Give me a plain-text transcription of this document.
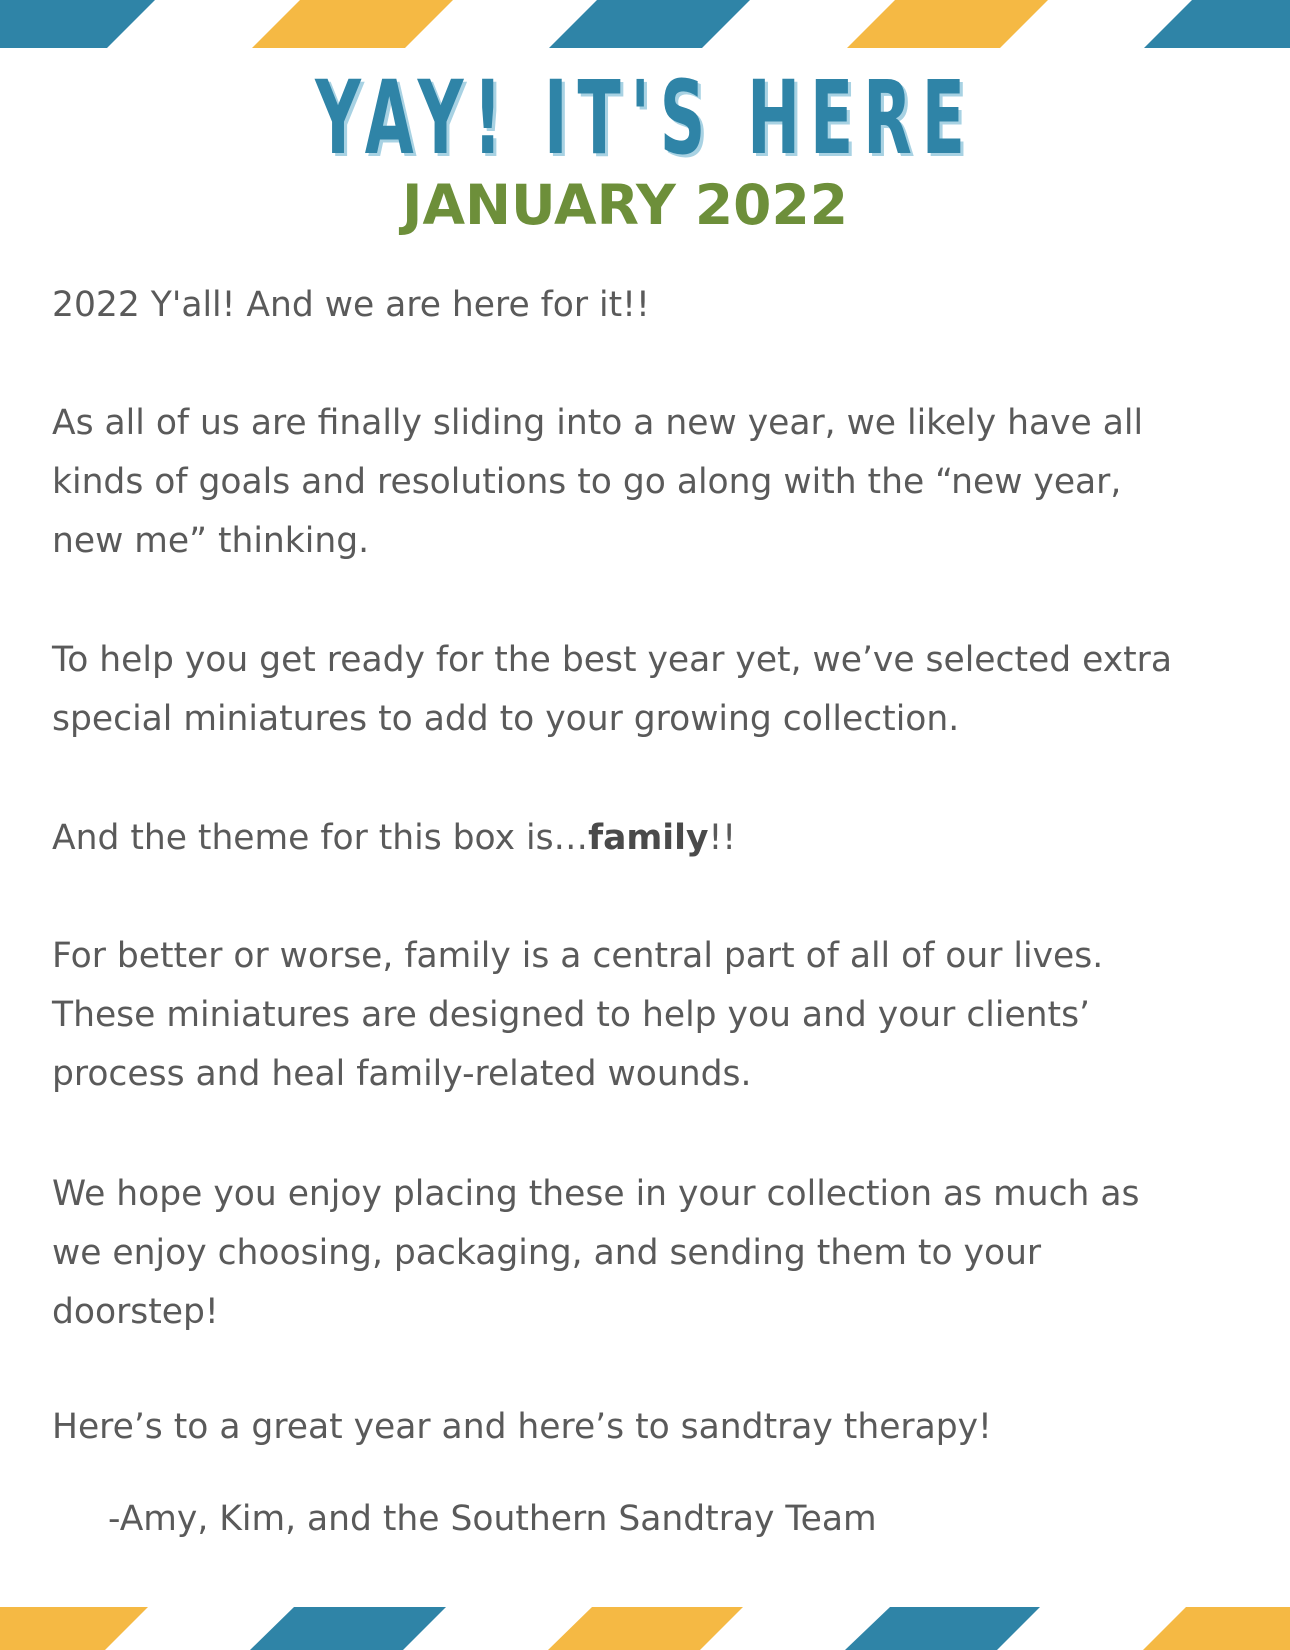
YAY! IT'S HERE
JANUARY 2022
2022 Y'all! And we are here for it!!
As all of us are finally sliding into a new year, we likely have all
kinds of goals and resolutions to go along with the “new year,
new me” thinking.
To help you get ready for the best year yet, we’ve selected extra
special miniatures to add to your growing collection.
And the theme for this box is…family!!
For better or worse, family is a central part of all of our lives.
These miniatures are designed to help you and your clients’
process and heal family-related wounds.
We hope you enjoy placing these in your collection as much as
we enjoy choosing, packaging, and sending them to your
doorstep!
Here’s to a great year and here’s to sandtray therapy!
-Amy, Kim, and the Southern Sandtray Team
